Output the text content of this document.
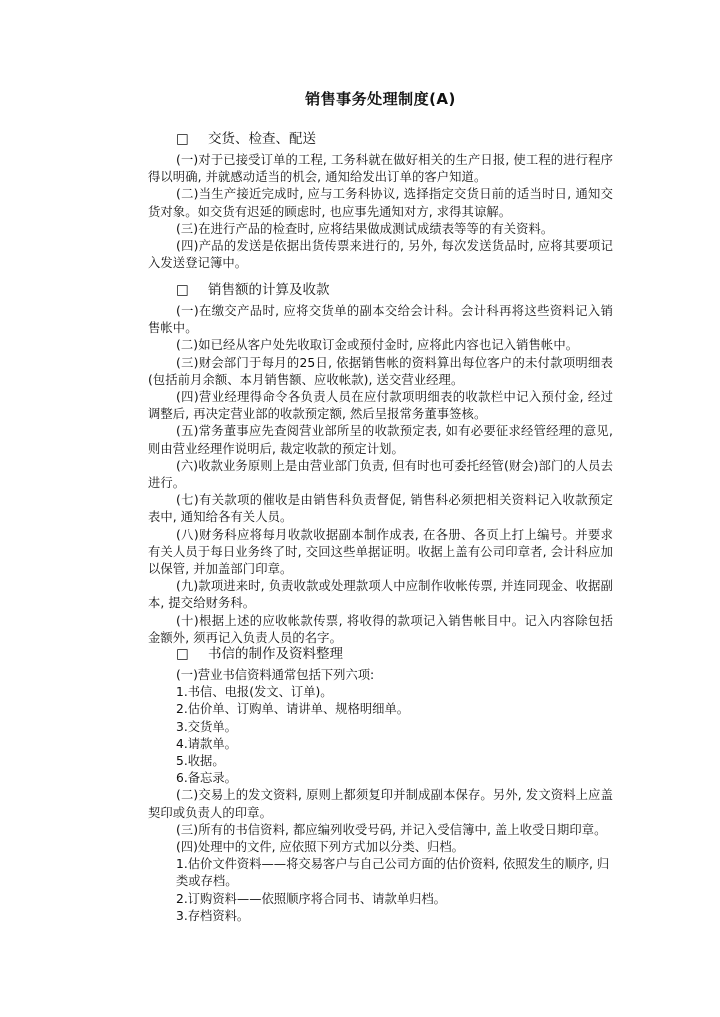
销售事务处理制度(A)
□ 交货、检查、配送

(一)对于已接受订单的工程, 工务科就在做好相关的生产日报, 使工程的进行程序得以明确, 并就感动适当的机会, 通知给发出订单的客户知道。

(二)当生产接近完成时, 应与工务科协议, 选择指定交货日前的适当时日, 通知交货对象。如交货有迟延的顾虑时, 也应事先通知对方, 求得其谅解。

(三)在进行产品的检查时, 应将结果做成测试成绩表等等的有关资料。

(四)产品的发送是依据出货传票来进行的, 另外, 每次发送货品时, 应将其要项记入发送登记簿中。

□ 销售额的计算及收款

(一)在缴交产品时, 应将交货单的副本交给会计科。会计科再将这些资料记入销售帐中。

(二)如已经从客户处先收取订金或预付金时, 应将此内容也记入销售帐中。

(三)财会部门于每月的25日, 依据销售帐的资料算出每位客户的未付款项明细表(包括前月余额、本月销售额、应收帐款), 送交营业经理。

(四)营业经理得命令各负责人员在应付款项明细表的收款栏中记入预付金, 经过调整后, 再决定营业部的收款预定额, 然后呈报常务董事签核。

(五)常务董事应先查阅营业部所呈的收款预定表, 如有必要征求经管经理的意见, 则由营业经理作说明后, 裁定收款的预定计划。

(六)收款业务原则上是由营业部门负责, 但有时也可委托经管(财会)部门的人员去进行。

(七)有关款项的催收是由销售科负责督促, 销售科必须把相关资料记入收款预定表中, 通知给各有关人员。

(八)财务科应将每月收款收据副本制作成表, 在各册、各页上打上编号。并要求有关人员于每日业务终了时, 交回这些单据证明。收据上盖有公司印章者, 会计科应加以保管, 并加盖部门印章。

(九)款项进来时, 负责收款或处理款项人中应制作收帐传票, 并连同现金、收据副本, 提交给财务科。

(十)根据上述的应收帐款传票, 将收得的款项记入销售帐目中。记入内容除包括金额外, 须再记入负责人员的名字。

□ 书信的制作及资料整理

(一)营业书信资料通常包括下列六项:

1.书信、电报(发文、订单)。

2.估价单、订购单、请讲单、规格明细单。

3.交货单。

4.请款单。

5.收据。

6.备忘录。

(二)交易上的发文资料, 原则上都须复印并制成副本保存。另外, 发文资料上应盖契印或负责人的印章。

(三)所有的书信资料, 都应编列收受号码, 并记入受信簿中, 盖上收受日期印章。

(四)处理中的文件, 应依照下列方式加以分类、归档。

1.估价文件资料——将交易客户与自己公司方面的估价资料, 依照发生的顺序, 归类或存档。

2.订购资料——依照顺序将合同书、请款单归档。

3.存档资料。
